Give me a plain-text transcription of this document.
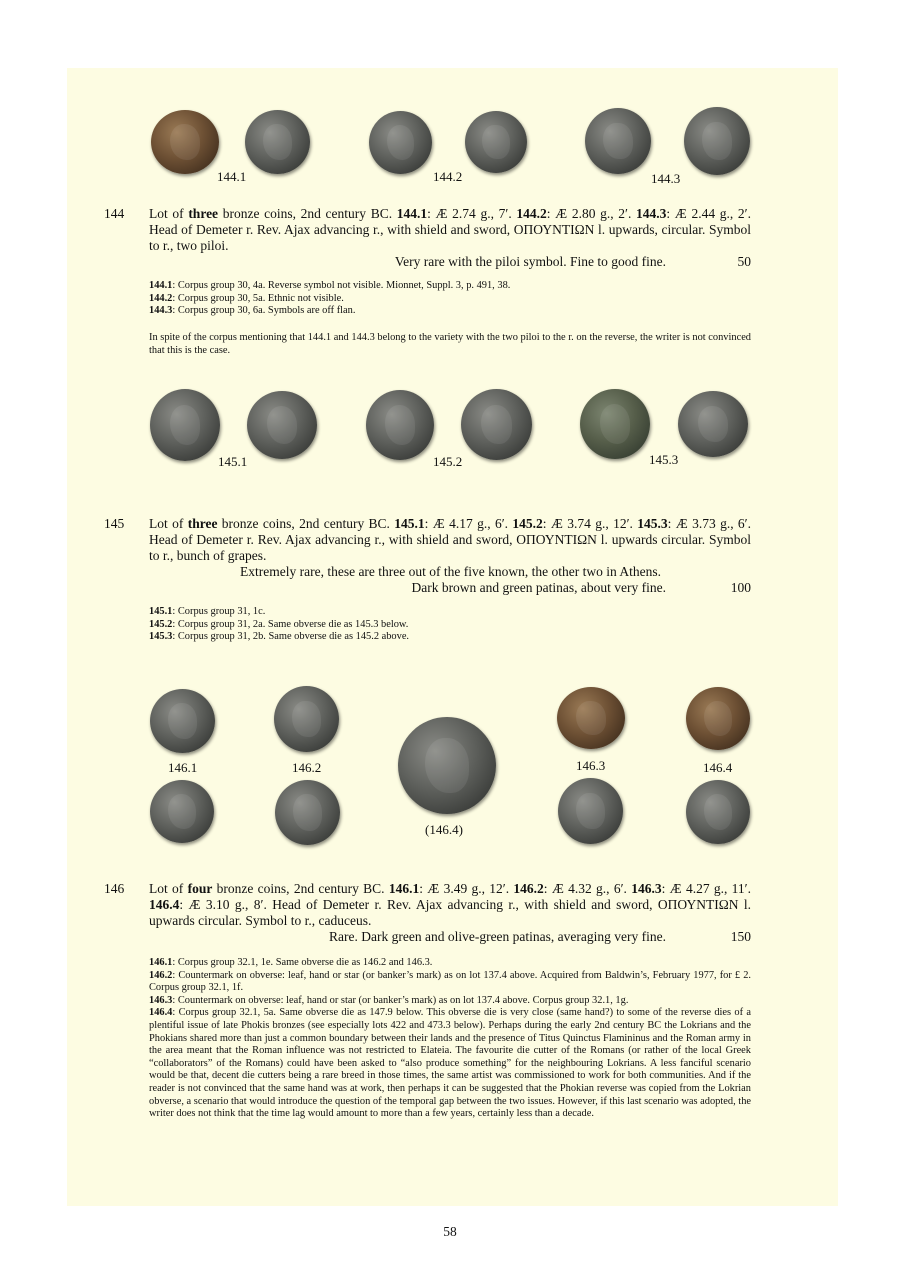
144.1	144.2	144.3
144 Lot of three bronze coins, 2nd century BC. 144.1: Æ 2.74 g., 7′. 144.2: Æ 2.80 g., 2′. 144.3: Æ 2.44 g., 2′. Head of Demeter r. Rev. Ajax advancing r., with shield and sword, ΟΠΟΥΝΤΙΩΝ l. upwards, circular. Symbol to r., two piloi.
Very rare with the piloi symbol. Fine to good fine.	50
144.1: Corpus group 30, 4a. Reverse symbol not visible. Mionnet, Suppl. 3, p. 491, 38.
144.2: Corpus group 30, 5a. Ethnic not visible.
144.3: Corpus group 30, 6a. Symbols are off flan.
In spite of the corpus mentioning that 144.1 and 144.3 belong to the variety with the two piloi to the r. on the reverse, the writer is not convinced that this is the case.
145.1	145.2	145.3
145 Lot of three bronze coins, 2nd century BC. 145.1: Æ 4.17 g., 6′. 145.2: Æ 3.74 g., 12′. 145.3: Æ 3.73 g., 6′. Head of Demeter r. Rev. Ajax advancing r., with shield and sword, ΟΠΟΥΝΤΙΩΝ l. upwards circular. Symbol to r., bunch of grapes.
Extremely rare, these are three out of the five known, the other two in Athens.
Dark brown and green patinas, about very fine.	100
145.1: Corpus group 31, 1c.
145.2: Corpus group 31, 2a. Same obverse die as 145.3 below.
145.3: Corpus group 31, 2b. Same obverse die as 145.2 above.
146.1	146.2
(146.4)
146.3	146.4
146 Lot of four bronze coins, 2nd century BC. 146.1: Æ 3.49 g., 12′. 146.2: Æ 4.32 g., 6′. 146.3: Æ 4.27 g., 11′. 146.4: Æ 3.10 g., 8′. Head of Demeter r. Rev. Ajax advancing r., with shield and sword, ΟΠΟΥΝΤΙΩΝ l. upwards circular. Symbol to r., caduceus.
Rare. Dark green and olive-green patinas, averaging very fine.	150
146.1: Corpus group 32.1, 1e. Same obverse die as 146.2 and 146.3.
146.2: Countermark on obverse: leaf, hand or star (or banker’s mark) as on lot 137.4 above. Acquired from Baldwin’s, February 1977, for £ 2. Corpus group 32.1, 1f.
146.3: Countermark on obverse: leaf, hand or star (or banker’s mark) as on lot 137.4 above. Corpus group 32.1, 1g.
146.4: Corpus group 32.1, 5a. Same obverse die as 147.9 below. This obverse die is very close (same hand?) to some of the reverse dies of a plentiful issue of late Phokis bronzes (see especially lots 422 and 473.3 below). Perhaps during the early 2nd century BC the Lokrians and the Phokians shared more than just a common boundary between their lands and the presence of Titus Quinctus Flamininus and the Roman army in the area meant that the Roman influence was not restricted to Elateia. The favourite die cutter of the Romans (or rather of the local Greek “collaborators” of the Romans) could have been asked to “also produce something” for the neighbouring Lokrians. A less fanciful scenario would be that, decent die cutters being a rare breed in those times, the same artist was commissioned to work for both communities. And if the reader is not convinced that the same hand was at work, then perhaps it can be suggested that the Phokian reverse was copied from the Lokrian obverse, a scenario that would introduce the question of the temporal gap between the two issues. However, if this last scenario was adopted, the writer does not think that the time lag would amount to more than a few years, certainly less than a decade.
58
